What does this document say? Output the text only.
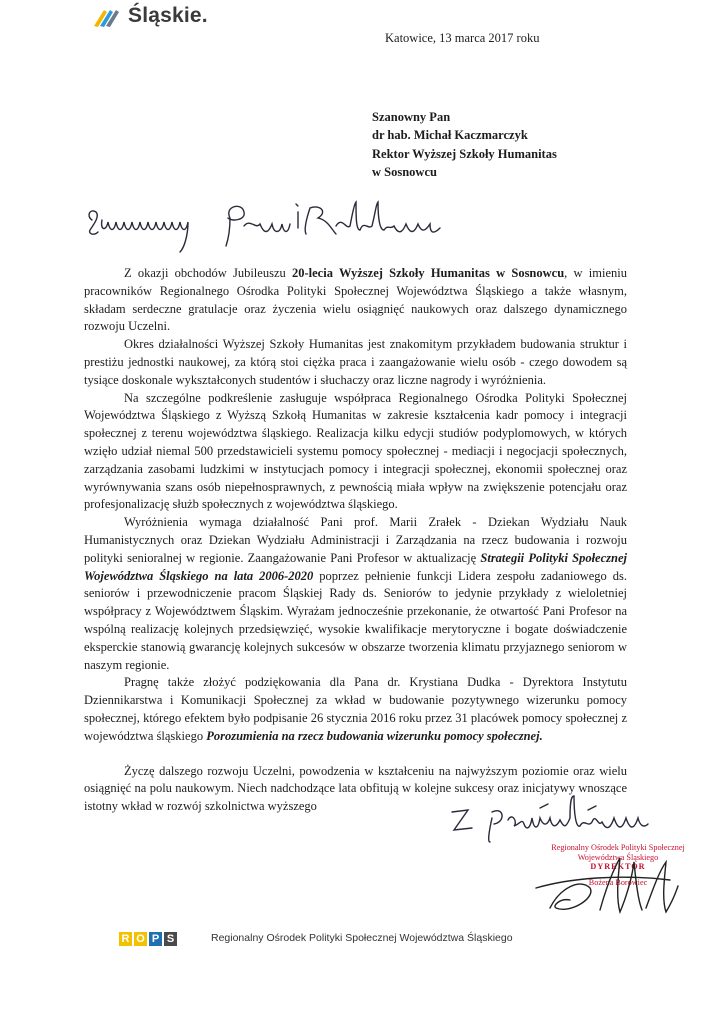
Śląskie.
Katowice, 13 marca 2017 roku
Szanowny Pan
dr hab. Michał Kaczmarczyk
Rektor Wyższej Szkoły Humanitas
w Sosnowcu

Z okazji obchodów Jubileuszu 20-lecia Wyższej Szkoły Humanitas w Sosnowcu, w imieniu pracowników Regionalnego Ośrodka Polityki Społecznej Województwa Śląskiego a także własnym, składam serdeczne gratulacje oraz życzenia wielu osiągnięć naukowych oraz dalszego dynamicznego rozwoju Uczelni.

Okres działalności Wyższej Szkoły Humanitas jest znakomitym przykładem budowania struktur i prestiżu jednostki naukowej, za którą stoi ciężka praca i zaangażowanie wielu osób - czego dowodem są tysiące doskonale wykształconych studentów i słuchaczy oraz liczne nagrody i wyróżnienia.

Na szczególne podkreślenie zasługuje współpraca Regionalnego Ośrodka Polityki Społecznej Województwa Śląskiego z Wyższą Szkołą Humanitas w zakresie kształcenia kadr pomocy i integracji społecznej z terenu województwa śląskiego. Realizacja kilku edycji studiów podyplomowych, w których wzięło udział niemal 500 przedstawicieli systemu pomocy społecznej - mediacji i negocjacji społecznych, zarządzania zasobami ludzkimi w instytucjach pomocy i integracji społecznej, ekonomii społecznej oraz wyrównywania szans osób niepełnosprawnych, z pewnością miała wpływ na zwiększenie potencjału oraz profesjonalizację służb społecznych z województwa śląskiego.

Wyróżnienia wymaga działalność Pani prof. Marii Zrałek - Dziekan Wydziału Nauk Humanistycznych oraz Dziekan Wydziału Administracji i Zarządzania na rzecz budowania i rozwoju polityki senioralnej w regionie. Zaangażowanie Pani Profesor w aktualizację Strategii Polityki Społecznej Województwa Śląskiego na lata 2006-2020 poprzez pełnienie funkcji Lidera zespołu zadaniowego ds. seniorów i przewodniczenie pracom Śląskiej Rady ds. Seniorów to jedynie przykłady z wieloletniej współpracy z Województwem Śląskim. Wyrażam jednocześnie przekonanie, że otwartość Pani Profesor na wspólną realizację kolejnych przedsięwzięć, wysokie kwalifikacje merytoryczne i bogate doświadczenie eksperckie stanowią gwarancję kolejnych sukcesów w obszarze tworzenia klimatu przyjaznego seniorom w naszym regionie.

Pragnę także złożyć podziękowania dla Pana dr. Krystiana Dudka - Dyrektora Instytutu Dziennikarstwa i Komunikacji Społecznej za wkład w budowanie pozytywnego wizerunku pomocy społecznej, którego efektem było podpisanie 26 stycznia 2016 roku przez 31 placówek pomocy społecznej z województwa śląskiego Porozumienia na rzecz budowania wizerunku pomocy społecznej.

Życzę dalszego rozwoju Uczelni, powodzenia w kształceniu na najwyższym poziomie oraz wielu osiągnięć na polu naukowym. Niech nadchodzące lata obfitują w kolejne sukcesy oraz inicjatywy wnoszące istotny wkład w rozwój szkolnictwa wyższego

Regionalny Ośrodek Polityki Społecznej
Województwa Śląskiego
DYREKTOR
Bożena Borowiec
R O P S	Regionalny Ośrodek Polityki Społecznej Województwa Śląskiego
